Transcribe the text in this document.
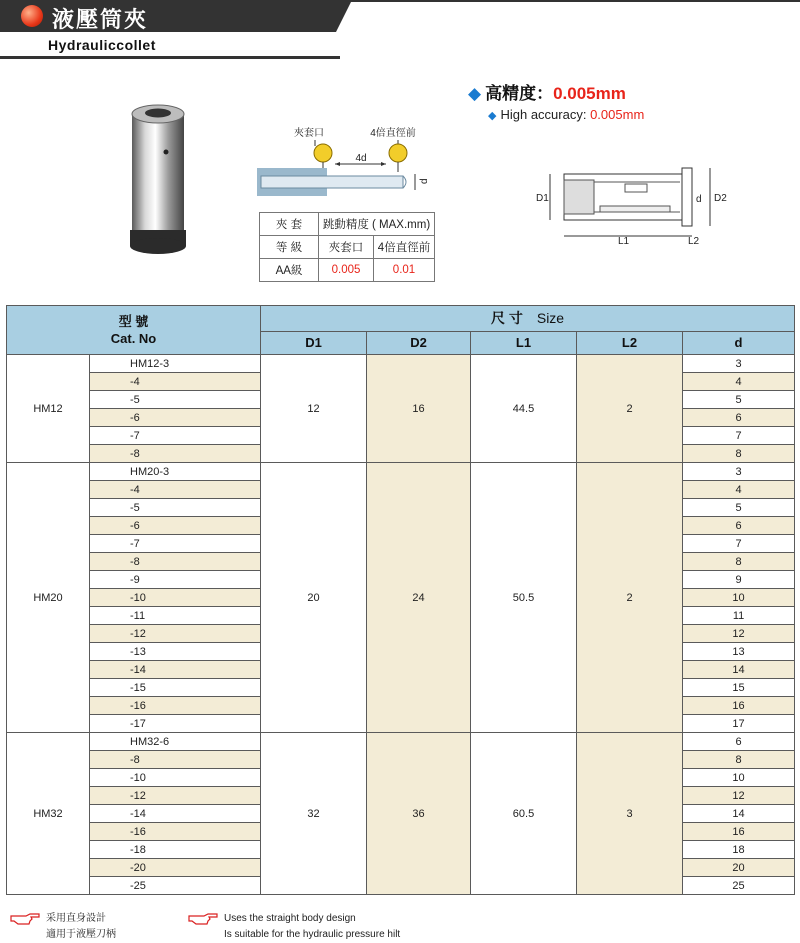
液壓筒夾
Hydrauliccollet
◆ 高精度：0.005mm
◆ High accuracy: 0.005mm
夾套口	4倍直徑前
4d
d
D1	d D2
L1	L2
夾 套	跳動精度 ( MAX.mm)	
等 級	夾套口	4倍直徑前
AA級	0.005	0.01
型 號
Cat. No		尺 寸 Size				
		D1	D2	L1	L2	d
HM12	HM12-3	12	16	44.5	2	3
	-4					4
	-5					5
	-6					6
	-7					7
	-8					8
HM20	HM20-3	20	24	50.5	2	3
	-4					4
	-5					5
	-6					6
	-7					7
	-8					8
	-9					9
	-10					10
	-11					11
	-12					12
	-13					13
	-14					14
	-15					15
	-16					16
	-17					17
HM32	HM32-6	32	36	60.5	3	6
	-8					8
	-10					10
	-12					12
	-14					14
	-16					16
	-18					18
	-20					20
	-25					25
采用直身設計
適用于液壓刀柄
Uses the straight body design
Is suitable for the hydraulic pressure hilt
